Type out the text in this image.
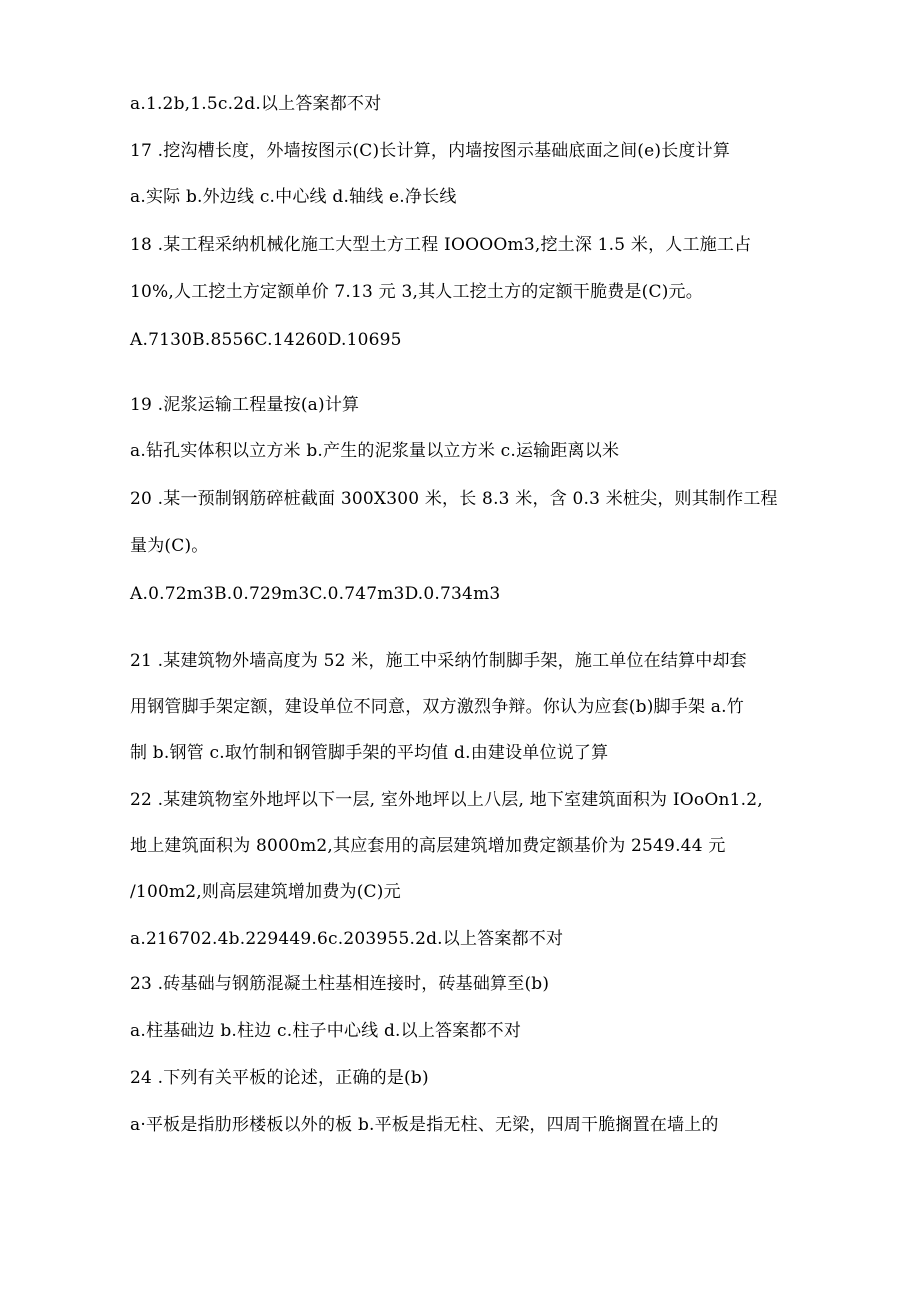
a.1.2b,1.5c.2d.以上答案都不对
17 .挖沟槽长度，外墙按图示(C)长计算，内墙按图示基础底面之间(e)长度计算
a.实际 b.外边线 c.中心线 d.轴线 e.净长线
18 .某工程采纳机械化施工大型土方工程 IOOOOm3,挖土深 1.5 米，人工施工占
10%,人工挖土方定额单价 7.13 元 3,其人工挖土方的定额干脆费是(C)元。
A.7130B.8556C.14260D.10695
19 .泥浆运输工程量按(a)计算
a.钻孔实体积以立方米 b.产生的泥浆量以立方米 c.运输距离以米
20 .某一预制钢筋碎桩截面 300X300 米，长 8.3 米，含 0.3 米桩尖，则其制作工程
量为(C)。
A.0.72m3B.0.729m3C.0.747m3D.0.734m3
21 .某建筑物外墙高度为 52 米，施工中采纳竹制脚手架，施工单位在结算中却套
用钢管脚手架定额，建设单位不同意，双方激烈争辩。你认为应套(b)脚手架 a.竹
制 b.钢管 c.取竹制和钢管脚手架的平均值 d.由建设单位说了算
22 .某建筑物室外地坪以下一层, 室外地坪以上八层, 地下室建筑面积为 IOoOn1.2,
地上建筑面积为 8000m2,其应套用的高层建筑增加费定额基价为 2549.44 元
/100m2,则高层建筑增加费为(C)元
a.216702.4b.229449.6c.203955.2d.以上答案都不对
23 .砖基础与钢筋混凝土柱基相连接时，砖基础算至(b)
a.柱基础边 b.柱边 c.柱子中心线 d.以上答案都不对
24 .下列有关平板的论述，正确的是(b)
a·平板是指肋形楼板以外的板 b.平板是指无柱、无梁，四周干脆搁置在墙上的
